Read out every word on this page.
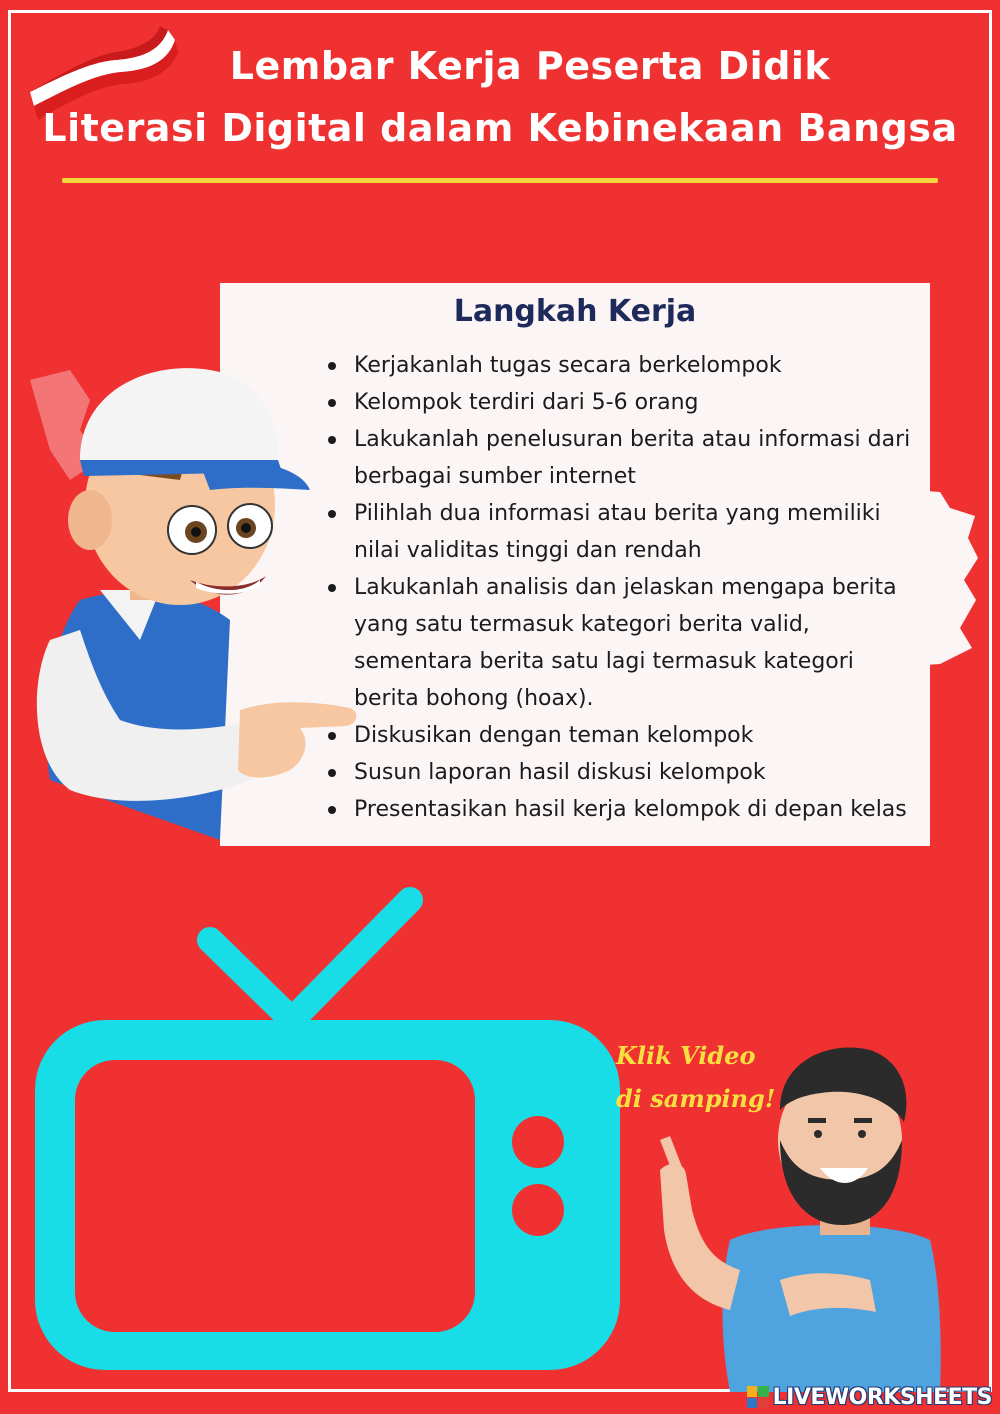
Lembar Kerja Peserta Didik
Literasi Digital dalam Kebinekaan Bangsa
Langkah Kerja
Kerjakanlah tugas secara berkelompok
Kelompok terdiri dari 5-6 orang
Lakukanlah penelusuran berita atau informasi dari berbagai sumber internet
Pilihlah dua informasi atau berita yang memiliki nilai validitas tinggi dan rendah
Lakukanlah analisis dan jelaskan mengapa berita yang satu termasuk kategori berita valid, sementara berita satu lagi termasuk kategori berita bohong (hoax).
Diskusikan dengan teman kelompok
Susun laporan hasil diskusi kelompok
Presentasikan hasil kerja kelompok di depan kelas
Klik Video
di samping!
LIVEWORKSHEETS
